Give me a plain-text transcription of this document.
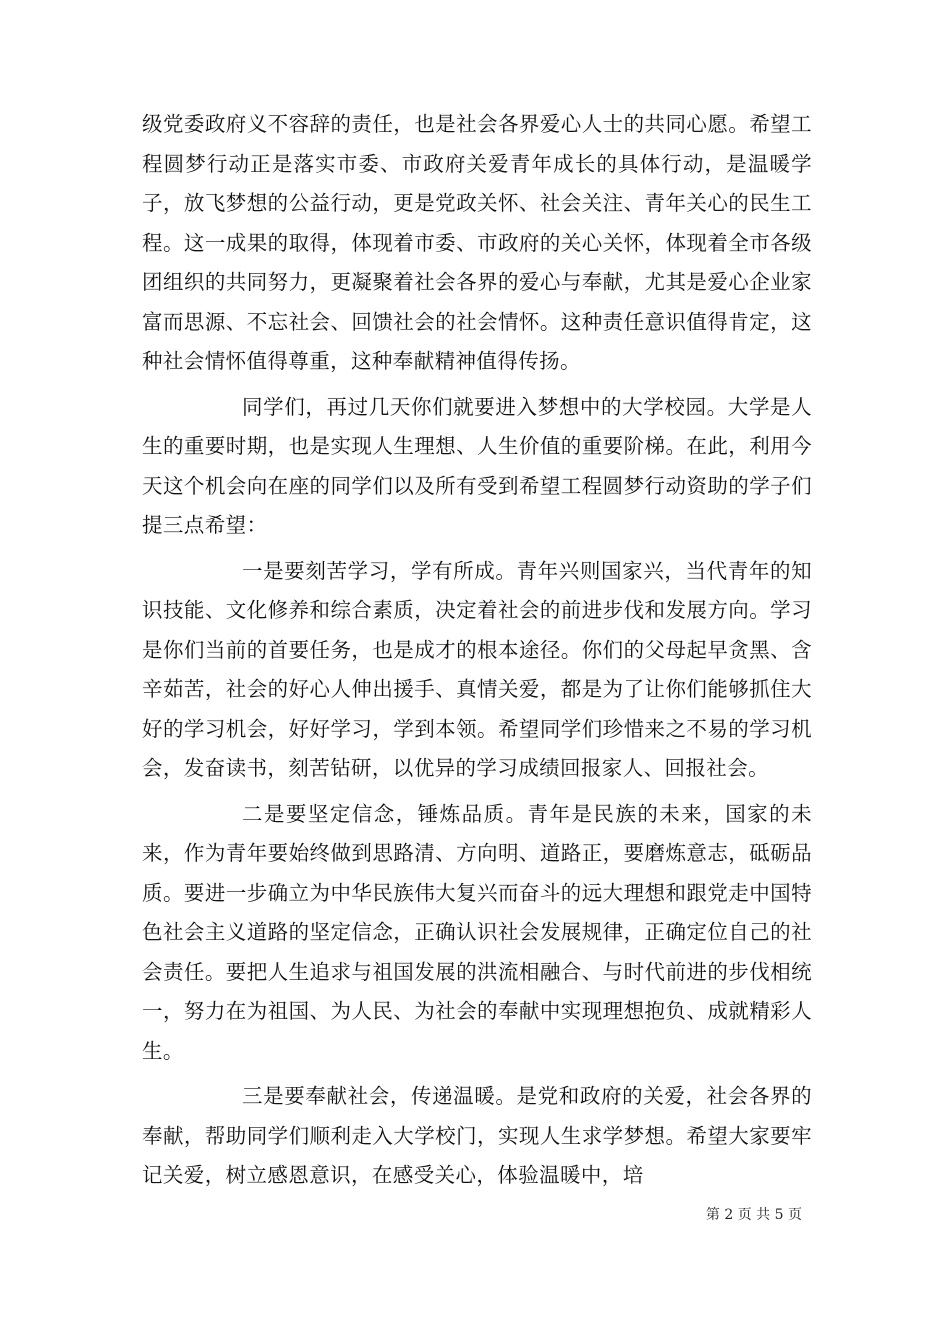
级党委政府义不容辞的责任，也是社会各界爱心人士的共同心愿。希望工程圆梦行动正是落实市委、市政府关爱青年成长的具体行动，是温暖学子，放飞梦想的公益行动，更是党政关怀、社会关注、青年关心的民生工程。这一成果的取得，体现着市委、市政府的关心关怀，体现着全市各级团组织的共同努力，更凝聚着社会各界的爱心与奉献，尤其是爱心企业家富而思源、不忘社会、回馈社会的社会情怀。这种责任意识值得肯定，这种社会情怀值得尊重，这种奉献精神值得传扬。

同学们，再过几天你们就要进入梦想中的大学校园。大学是人生的重要时期，也是实现人生理想、人生价值的重要阶梯。在此，利用今天这个机会向在座的同学们以及所有受到希望工程圆梦行动资助的学子们提三点希望：

一是要刻苦学习，学有所成。青年兴则国家兴，当代青年的知识技能、文化修养和综合素质，决定着社会的前进步伐和发展方向。学习是你们当前的首要任务，也是成才的根本途径。你们的父母起早贪黑、含辛茹苦，社会的好心人伸出援手、真情关爱，都是为了让你们能够抓住大好的学习机会，好好学习，学到本领。希望同学们珍惜来之不易的学习机会，发奋读书，刻苦钻研，以优异的学习成绩回报家人、回报社会。

二是要坚定信念，锤炼品质。青年是民族的未来，国家的未来，作为青年要始终做到思路清、方向明、道路正，要磨炼意志，砥砺品质。要进一步确立为中华民族伟大复兴而奋斗的远大理想和跟党走中国特色社会主义道路的坚定信念，正确认识社会发展规律，正确定位自己的社会责任。要把人生追求与祖国发展的洪流相融合、与时代前进的步伐相统一，努力在为祖国、为人民、为社会的奉献中实现理想抱负、成就精彩人生。

三是要奉献社会，传递温暖。是党和政府的关爱，社会各界的奉献，帮助同学们顺利走入大学校门，实现人生求学梦想。希望大家要牢记关爱，树立感恩意识，在感受关心，体验温暖中，培

第 2 页 共 5 页
